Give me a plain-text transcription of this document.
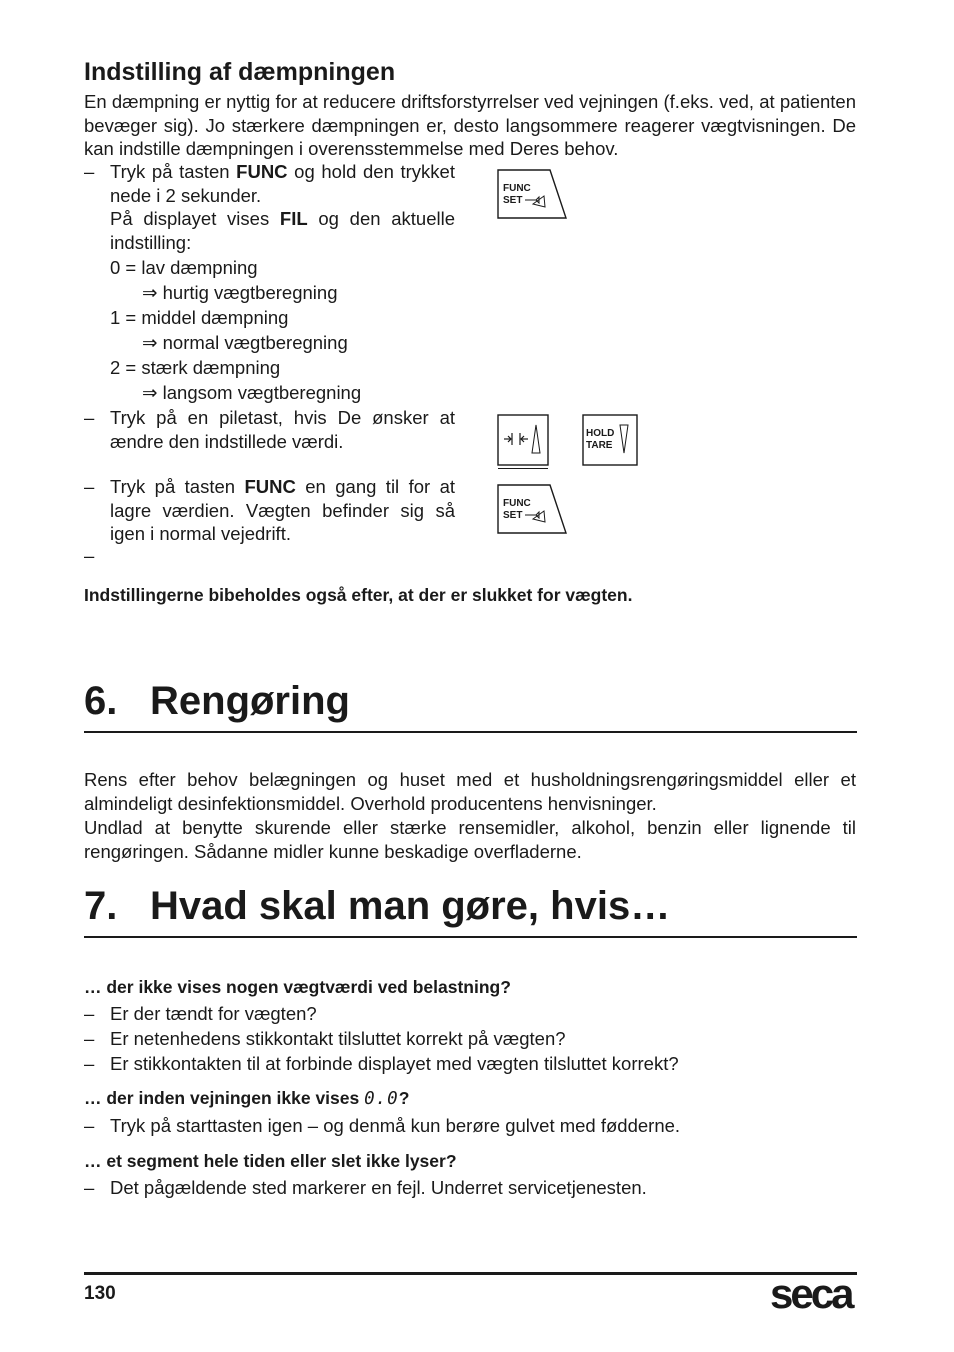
Indstilling af dæmpningen
En dæmpning er nyttig for at reducere driftsforstyrrelser ved vejningen (f.eks. ved, at patienten bevæger sig). Jo stærkere dæmpningen er, desto langsommere reagerer vægtvisningen. De kan indstille dæmpningen i overensstemmelse med Deres behov.
– Tryk på tasten FUNC og hold den trykket nede i 2 sekunder.
På displayet vises FIL og den aktuelle indstilling:
0 = lav dæmpning
⇒ hurtig vægtberegning
1 = middel dæmpning
⇒ normal vægtberegning
2 = stærk dæmpning
⇒ langsom vægtberegning
– Tryk på en piletast, hvis De ønsker at ændre den indstillede værdi.
– Tryk på tasten FUNC en gang til for at lagre værdien. Vægten befinder sig så igen i normal vejedrift.
–
FUNC
SET
HOLD
TARE
FUNC
SET
Indstillingerne bibeholdes også efter, at der er slukket for vægten.
6. Rengøring
Rens efter behov belægningen og huset med et husholdningsrengøringsmiddel eller et almindeligt desinfektionsmiddel. Overhold producentens henvisninger.
Undlad at benytte skurende eller stærke rensemidler, alkohol, benzin eller lignende til rengøringen. Sådanne midler kunne beskadige overfladerne.
7. Hvad skal man gøre, hvis…
… der ikke vises nogen vægtværdi ved belastning?
– Er der tændt for vægten?
– Er netenhedens stikkontakt tilsluttet korrekt på vægten?
– Er stikkontakten til at forbinde displayet med vægten tilsluttet korrekt?
… der inden vejningen ikke vises 0.0?
– Tryk på starttasten igen – og denmå kun berøre gulvet med fødderne.
… et segment hele tiden eller slet ikke lyser?
– Det pågældende sted markerer en fejl. Underret servicetjenesten.
130	seca
